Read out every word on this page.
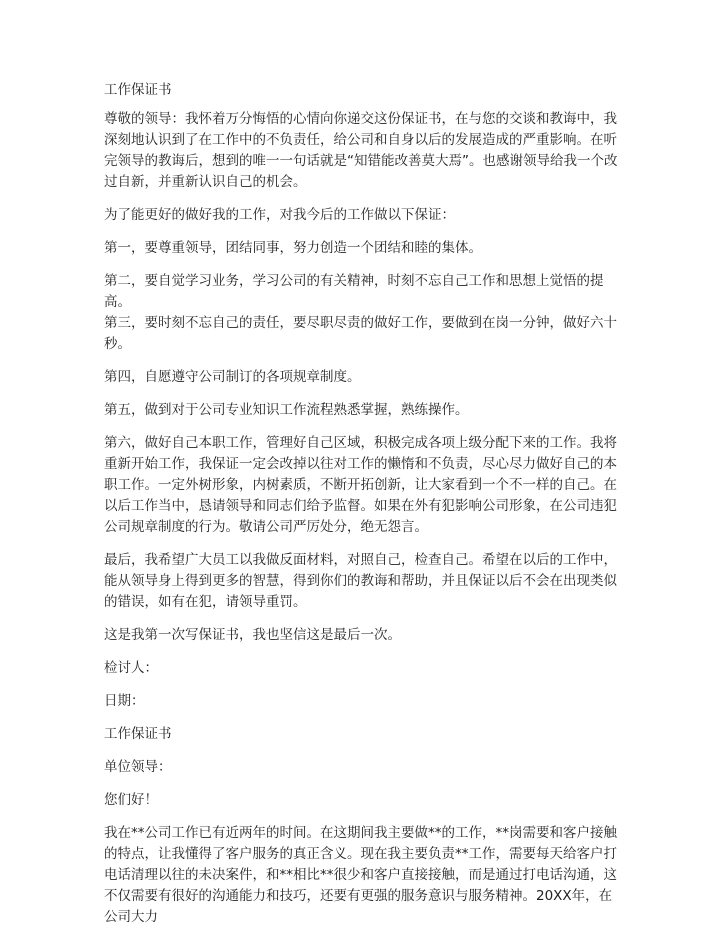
工作保证书

尊敬的领导：我怀着万分悔悟的心情向你递交这份保证书，在与您的交谈和教诲中，我深刻地认识到了在工作中的不负责任，给公司和自身以后的发展造成的严重影响。在听完领导的教诲后，想到的唯一一句话就是“知错能改善莫大焉”。也感谢领导给我一个改过自新，并重新认识自己的机会。

为了能更好的做好我的工作，对我今后的工作做以下保证：

第一，要尊重领导，团结同事，努力创造一个团结和睦的集体。

第二，要自觉学习业务，学习公司的有关精神，时刻不忘自己工作和思想上觉悟的提高。

第三，要时刻不忘自己的责任，要尽职尽责的做好工作，要做到在岗一分钟，做好六十秒。

第四，自愿遵守公司制订的各项规章制度。

第五，做到对于公司专业知识工作流程熟悉掌握，熟练操作。

第六，做好自己本职工作，管理好自己区域，积极完成各项上级分配下来的工作。我将重新开始工作，我保证一定会改掉以往对工作的懒惰和不负责，尽心尽力做好自己的本职工作。一定外树形象，内树素质，不断开拓创新，让大家看到一个不一样的自己。在以后工作当中，恳请领导和同志们给予监督。如果在外有犯影响公司形象，在公司违犯公司规章制度的行为。敬请公司严厉处分，绝无怨言。

最后，我希望广大员工以我做反面材料，对照自己，检查自己。希望在以后的工作中，能从领导身上得到更多的智慧，得到你们的教诲和帮助，并且保证以后不会在出现类似的错误，如有在犯，请领导重罚。

这是我第一次写保证书，我也坚信这是最后一次。

检讨人：

日期：

工作保证书

单位领导：

您们好！

我在**公司工作已有近两年的时间。在这期间我主要做**的工作，**岗需要和客户接触的特点，让我懂得了客户服务的真正含义。现在我主要负责**工作，需要每天给客户打电话清理以往的未决案件，和**相比**很少和客户直接接触，而是通过打电话沟通，这不仅需要有很好的沟通能力和技巧，还要有更强的服务意识与服务精神。20XX年，在公司大力
